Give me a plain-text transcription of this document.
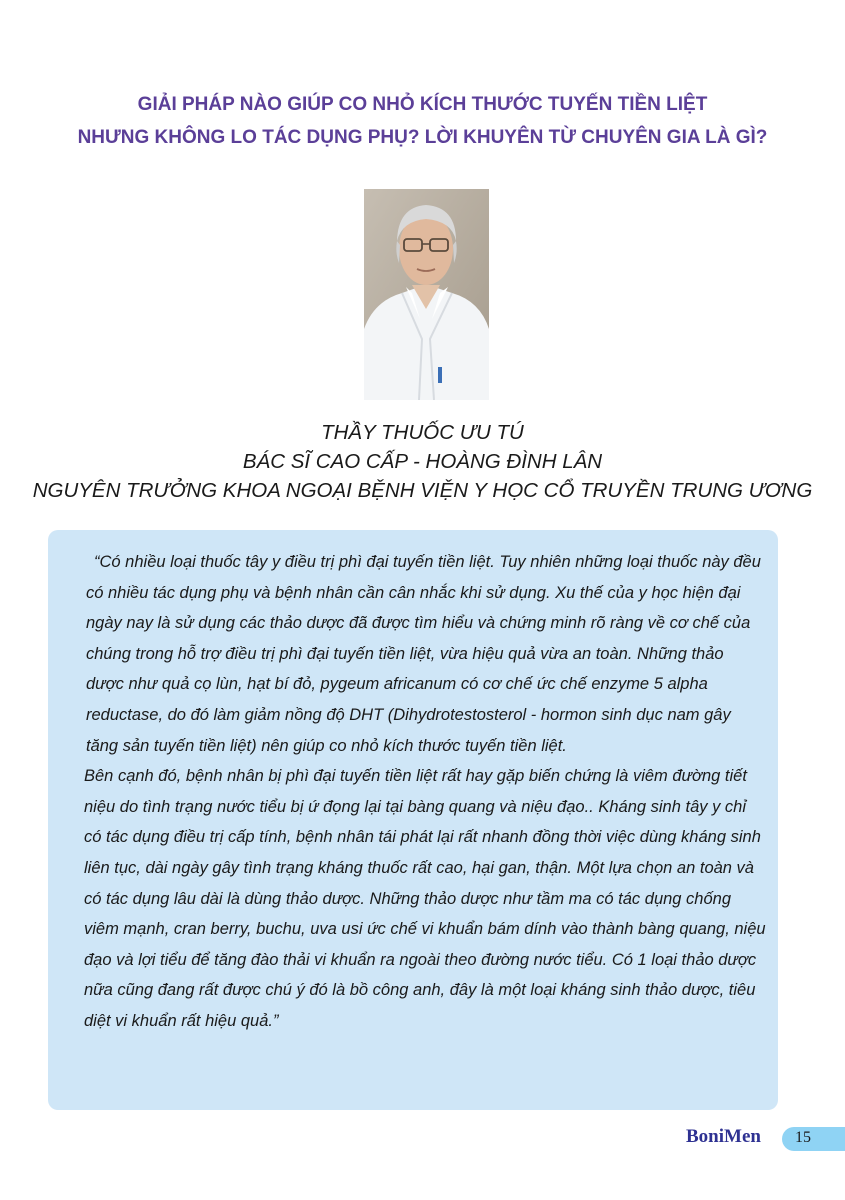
GIẢI PHÁP NÀO GIÚP CO NHỎ KÍCH THƯỚC TUYẾN TIỀN LIỆT
NHƯNG KHÔNG LO TÁC DỤNG PHỤ? LỜI KHUYÊN TỪ CHUYÊN GIA LÀ GÌ?
THẦY THUỐC ƯU TÚ
BÁC SĨ CAO CẤP - HOÀNG ĐÌNH LÂN
NGUYÊN TRƯỞNG KHOA NGOẠI BỆNH VIỆN Y HỌC CỔ TRUYỀN TRUNG ƯƠNG

“Có nhiều loại thuốc tây y điều trị phì đại tuyến tiền liệt. Tuy nhiên những loại thuốc này đều có nhiều tác dụng phụ và bệnh nhân cần cân nhắc khi sử dụng. Xu thế của y học hiện đại ngày nay là sử dụng các thảo dược đã được tìm hiểu và chứng minh rõ ràng về cơ chế của chúng trong hỗ trợ điều trị phì đại tuyến tiền liệt, vừa hiệu quả vừa an toàn. Những thảo dược như quả cọ lùn, hạt bí đỏ, pygeum africanum có cơ chế ức chế enzyme 5 alpha reductase, do đó làm giảm nồng độ DHT (Dihydrotestosterol - hormon sinh dục nam gây tăng sản tuyến tiền liệt) nên giúp co nhỏ kích thước tuyến tiền liệt.

Bên cạnh đó, bệnh nhân bị phì đại tuyến tiền liệt rất hay gặp biến chứng là viêm đường tiết niệu do tình trạng nước tiểu bị ứ đọng lại tại bàng quang và niệu đạo.. Kháng sinh tây y chỉ có tác dụng điều trị cấp tính, bệnh nhân tái phát lại rất nhanh đồng thời việc dùng kháng sinh liên tục, dài ngày gây tình trạng kháng thuốc rất cao, hại gan, thận. Một lựa chọn an toàn và có tác dụng lâu dài là dùng thảo dược. Những thảo dược như tầm ma có tác dụng chống viêm mạnh, cran berry, buchu, uva usi ức chế vi khuẩn bám dính vào thành bàng quang, niệu đạo và lợi tiểu để tăng đào thải vi khuẩn ra ngoài theo đường nước tiểu. Có 1 loại thảo dược nữa cũng đang rất được chú ý đó là bồ công anh, đây là một loại kháng sinh thảo dược, tiêu diệt vi khuẩn rất hiệu quả.”

BoniMen 15
